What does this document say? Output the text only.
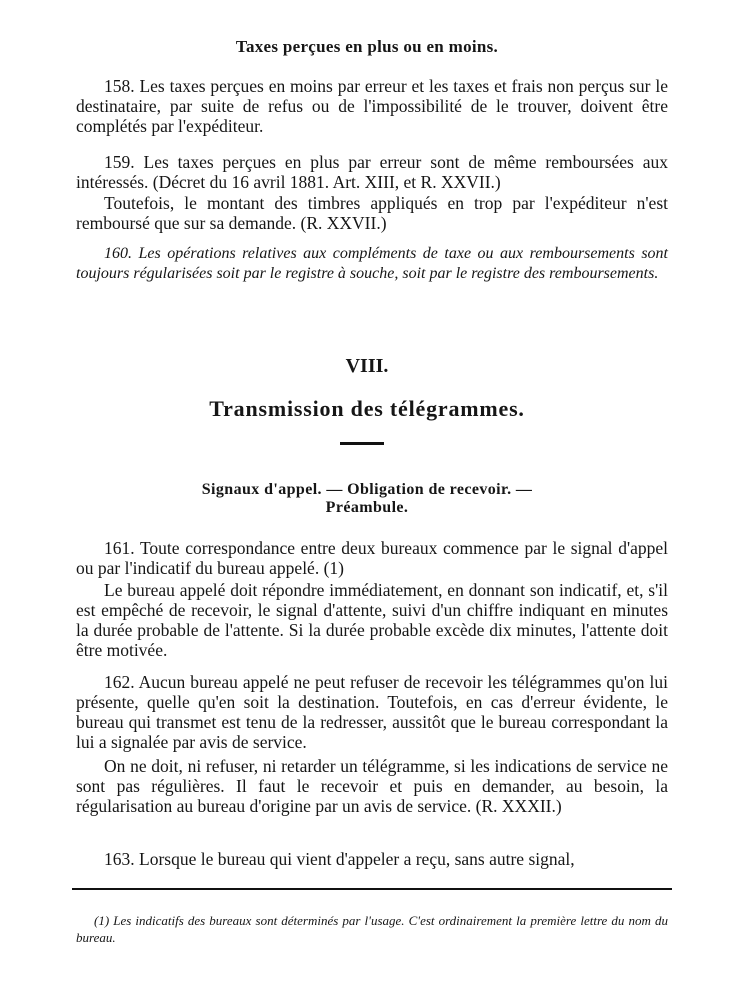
Taxes perçues en plus ou en moins.

158. Les taxes perçues en moins par erreur et les taxes et frais non perçus sur le destinataire, par suite de refus ou de l'impossibilité de le trouver, doivent être complétés par l'expéditeur.

159. Les taxes perçues en plus par erreur sont de même remboursées aux intéressés. (Décret du 16 avril 1881. Art. XIII, et R. XXVII.)

Toutefois, le montant des timbres appliqués en trop par l'expéditeur n'est remboursé que sur sa demande. (R. XXVII.)

160. Les opérations relatives aux compléments de taxe ou aux remboursements sont toujours régularisées soit par le registre à souche, soit par le registre des remboursements.

VIII.
Transmission des télégrammes.
Signaux d'appel. — Obligation de recevoir. —
Préambule.

161. Toute correspondance entre deux bureaux commence par le signal d'appel ou par l'indicatif du bureau appelé. (1)

Le bureau appelé doit répondre immédiatement, en donnant son indicatif, et, s'il est empêché de recevoir, le signal d'attente, suivi d'un chiffre indiquant en minutes la durée probable de l'attente. Si la durée probable excède dix minutes, l'attente doit être motivée.

162. Aucun bureau appelé ne peut refuser de recevoir les télégrammes qu'on lui présente, quelle qu'en soit la destination. Toutefois, en cas d'erreur évidente, le bureau qui transmet est tenu de la redresser, aussitôt que le bureau correspondant la lui a signalée par avis de service.

On ne doit, ni refuser, ni retarder un télégramme, si les indications de service ne sont pas régulières. Il faut le recevoir et puis en demander, au besoin, la régularisation au bureau d'origine par un avis de service. (R. XXXII.)

163. Lorsque le bureau qui vient d'appeler a reçu, sans autre signal,

(1) Les indicatifs des bureaux sont déterminés par l'usage. C'est ordinairement la première lettre du nom du bureau.
